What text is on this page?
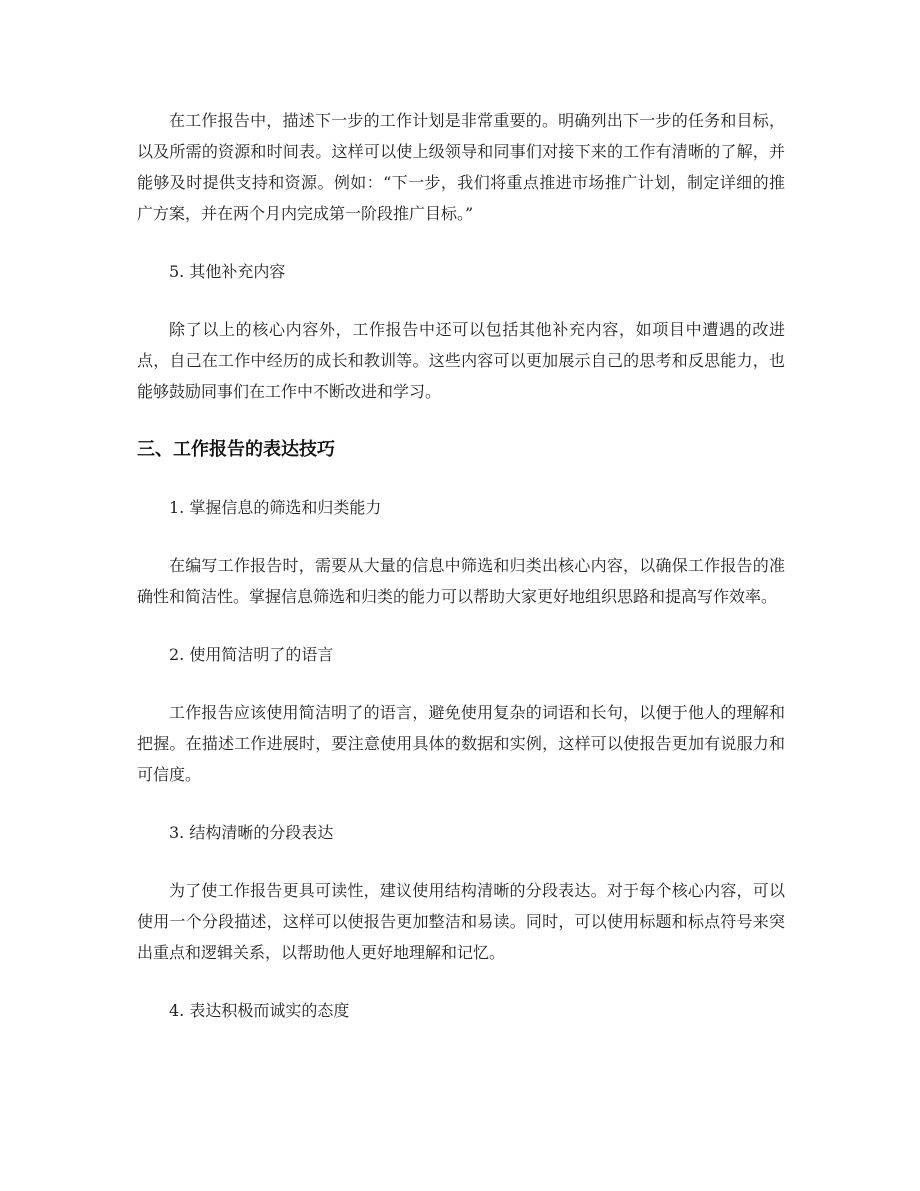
在工作报告中，描述下一步的工作计划是非常重要的。明确列出下一步的任务和目标，以及所需的资源和时间表。这样可以使上级领导和同事们对接下来的工作有清晰的了解，并能够及时提供支持和资源。例如：“下一步，我们将重点推进市场推广计划，制定详细的推广方案，并在两个月内完成第一阶段推广目标。”

5. 其他补充内容

除了以上的核心内容外，工作报告中还可以包括其他补充内容，如项目中遭遇的改进点，自己在工作中经历的成长和教训等。这些内容可以更加展示自己的思考和反思能力，也能够鼓励同事们在工作中不断改进和学习。

三、工作报告的表达技巧

1. 掌握信息的筛选和归类能力

在编写工作报告时，需要从大量的信息中筛选和归类出核心内容，以确保工作报告的准确性和简洁性。掌握信息筛选和归类的能力可以帮助大家更好地组织思路和提高写作效率。

2. 使用简洁明了的语言

工作报告应该使用简洁明了的语言，避免使用复杂的词语和长句，以便于他人的理解和把握。在描述工作进展时，要注意使用具体的数据和实例，这样可以使报告更加有说服力和可信度。

3. 结构清晰的分段表达

为了使工作报告更具可读性，建议使用结构清晰的分段表达。对于每个核心内容，可以使用一个分段描述，这样可以使报告更加整洁和易读。同时，可以使用标题和标点符号来突出重点和逻辑关系，以帮助他人更好地理解和记忆。

4. 表达积极而诚实的态度
